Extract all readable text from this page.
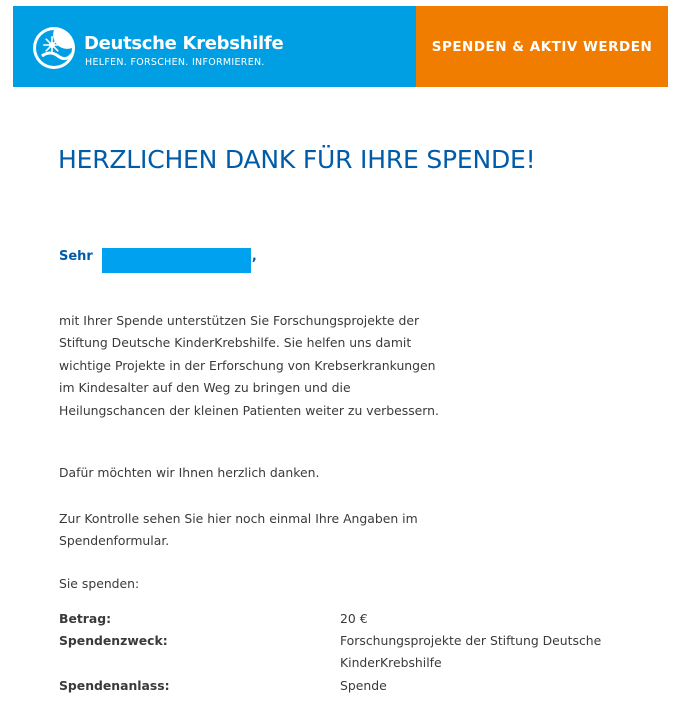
Deutsche Krebshilfe
HELFEN. FORSCHEN. INFORMIEREN.
SPENDEN & AKTIV WERDEN
HERZLICHEN DANK FÜR IHRE SPENDE!
Sehr	,

mit Ihrer Spende unterstützen Sie Forschungsprojekte der Stiftung Deutsche KinderKrebshilfe. Sie helfen uns damit wichtige Projekte in der Erforschung von Krebserkrankungen im Kindesalter auf den Weg zu bringen und die Heilungschancen der kleinen Patienten weiter zu verbessern.

Dafür möchten wir Ihnen herzlich danken.

Zur Kontrolle sehen Sie hier noch einmal Ihre Angaben im Spendenformular.

Sie spenden:

Betrag:	20 €
Spendenzweck:	Forschungsprojekte der Stiftung Deutsche KinderKrebshilfe
Spendenanlass:	Spende
